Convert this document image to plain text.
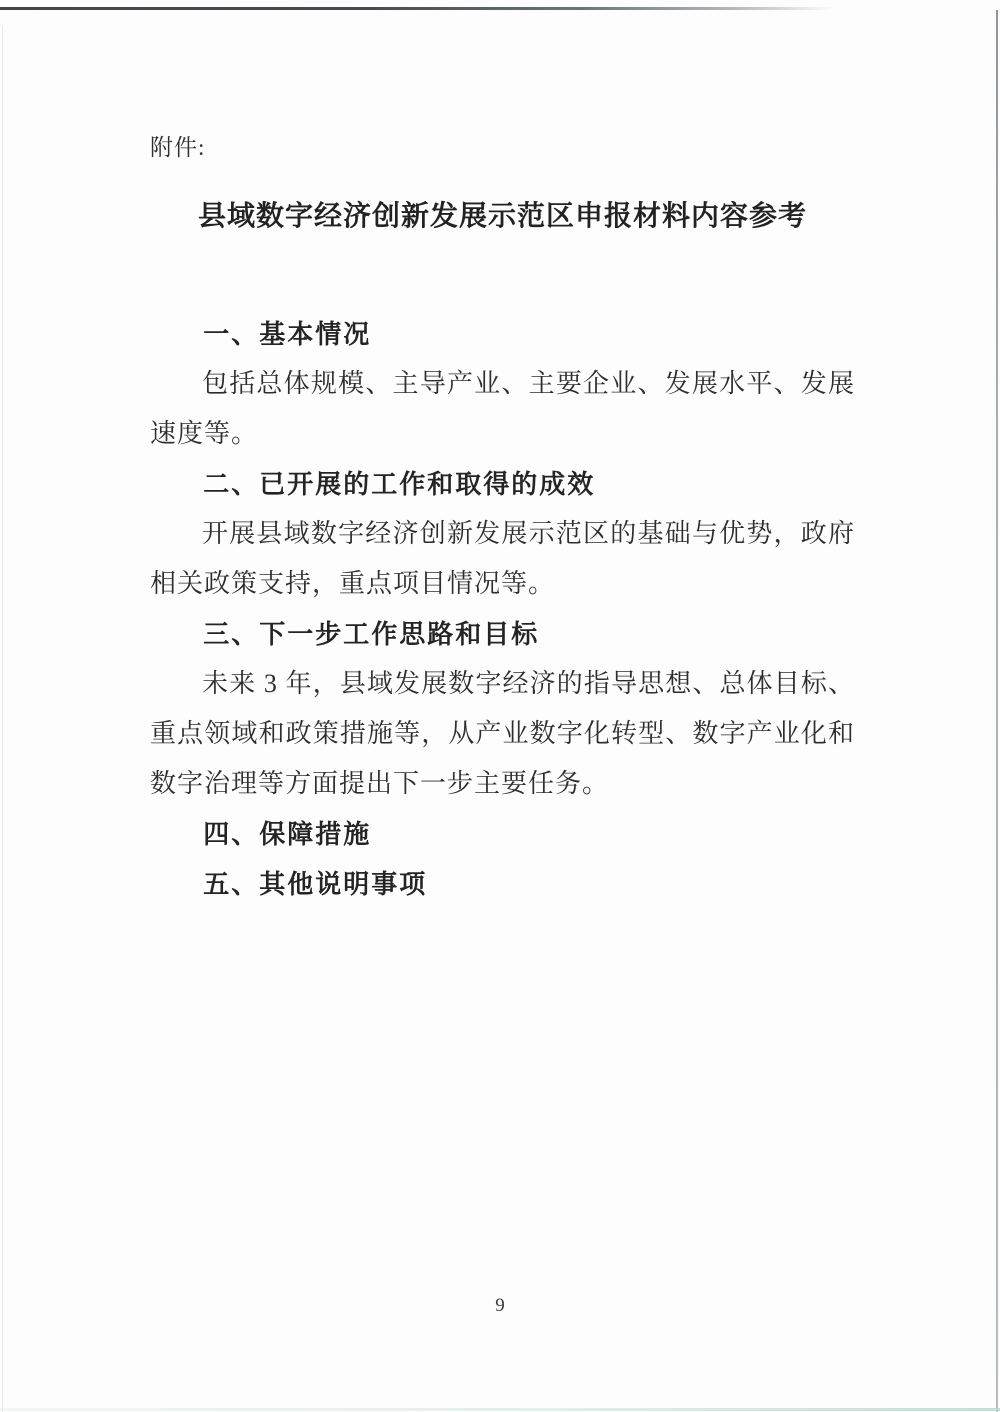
附件:
县域数字经济创新发展示范区申报材料内容参考
一、基本情况

包括总体规模、主导产业、主要企业、发展水平、发展速度等。

二、已开展的工作和取得的成效

开展县域数字经济创新发展示范区的基础与优势，政府相关政策支持，重点项目情况等。

三、下一步工作思路和目标

未来 3 年，县域发展数字经济的指导思想、总体目标、重点领域和政策措施等，从产业数字化转型、数字产业化和数字治理等方面提出下一步主要任务。

四、保障措施
五、其他说明事项
9
